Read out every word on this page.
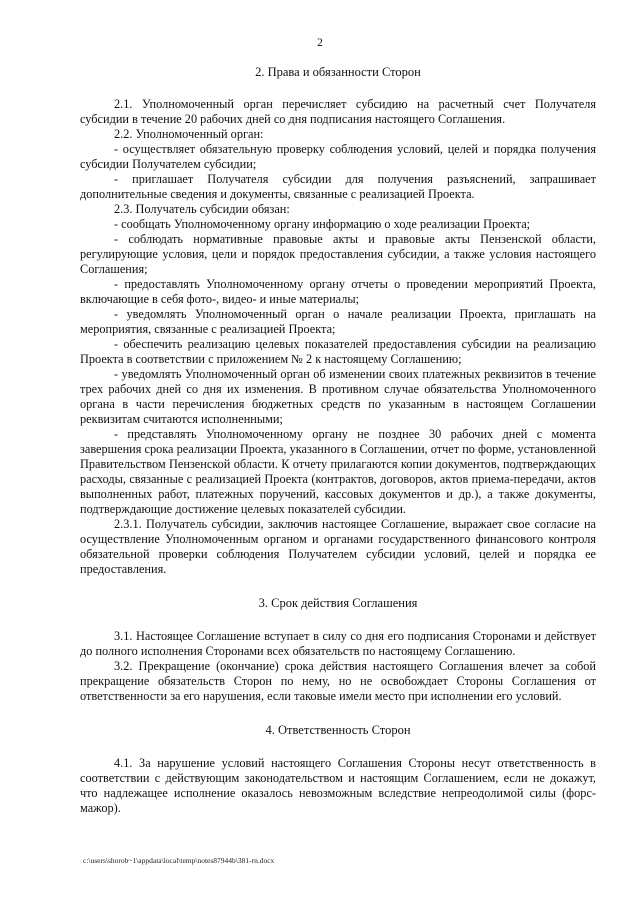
2
2. Права и обязанности Сторон

2.1. Уполномоченный орган перечисляет субсидию на расчетный счет Получателя субсидии в течение 20 рабочих дней со дня подписания настоящего Соглашения.

2.2. Уполномоченный орган:

- осуществляет обязательную проверку соблюдения условий, целей и порядка получения субсидии Получателем субсидии;

- приглашает Получателя субсидии для получения разъяснений, запрашивает дополнительные сведения и документы, связанные с реализацией Проекта.

2.3. Получатель субсидии обязан:

- сообщать Уполномоченному органу информацию о ходе реализации Проекта;

- соблюдать нормативные правовые акты и правовые акты Пензенской области, регулирующие условия, цели и порядок предоставления субсидии, а также условия настоящего Соглашения;

- предоставлять Уполномоченному органу отчеты о проведении мероприятий Проекта, включающие в себя фото-, видео- и иные материалы;

- уведомлять Уполномоченный орган о начале реализации Проекта, приглашать на мероприятия, связанные с реализацией Проекта;

- обеспечить реализацию целевых показателей предоставления субсидии на реализацию Проекта в соответствии с приложением № 2 к настоящему Соглашению;

- уведомлять Уполномоченный орган об изменении своих платежных реквизитов в течение трех рабочих дней со дня их изменения. В противном случае обязательства Уполномоченного органа в части перечисления бюджетных средств по указанным в настоящем Соглашении реквизитам считаются исполненными;

- представлять Уполномоченному органу не позднее 30 рабочих дней с момента завершения срока реализации Проекта, указанного в Соглашении, отчет по форме, установленной Правительством Пензенской области. К отчету прилагаются копии документов, подтверждающих расходы, связанные с реализацией Проекта (контрактов, договоров, актов приема-передачи, актов выполненных работ, платежных поручений, кассовых документов и др.), а также документы, подтверждающие достижение целевых показателей субсидии.

2.3.1. Получатель субсидии, заключив настоящее Соглашение, выражает свое согласие на осуществление Уполномоченным органом и органами государственного финансового контроля обязательной проверки соблюдения Получателем субсидии условий, целей и порядка ее предоставления.

3. Срок действия Соглашения

3.1. Настоящее Соглашение вступает в силу со дня его подписания Сторонами и действует до полного исполнения Сторонами всех обязательств по настоящему Соглашению.

3.2. Прекращение (окончание) срока действия настоящего Соглашения влечет за собой прекращение обязательств Сторон по нему, но не освобождает Стороны Соглашения от ответственности за его нарушения, если таковые имели место при исполнении его условий.

4. Ответственность Сторон

4.1. За нарушение условий настоящего Соглашения Стороны несут ответственность в соответствии с действующим законодательством и настоящим Соглашением, если не докажут, что надлежащее исполнение оказалось невозможным вследствие непреодолимой силы (форс-мажор).

c:\users\shorob~1\appdata\local\temp\notes87944b\381-rn.docx
